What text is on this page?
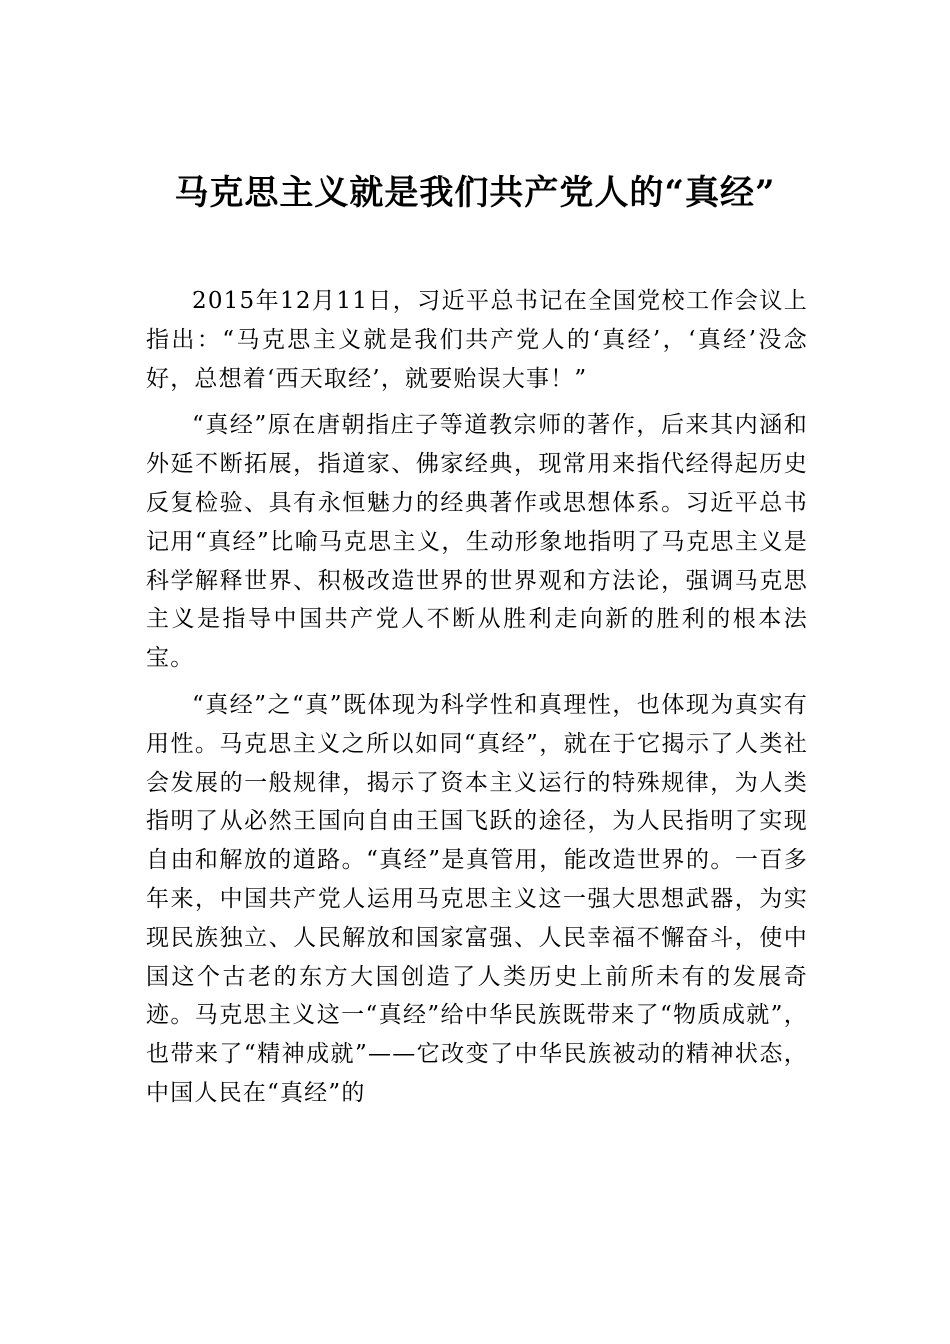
马克思主义就是我们共产党人的“真经”

2015年12月11日，习近平总书记在全国党校工作会议上指出：“马克思主义就是我们共产党人的‘真经’，‘真经’没念好，总想着‘西天取经’，就要贻误大事！”

“真经”原在唐朝指庄子等道教宗师的著作，后来其内涵和外延不断拓展，指道家、佛家经典，现常用来指代经得起历史反复检验、具有永恒魅力的经典著作或思想体系。习近平总书记用“真经”比喻马克思主义，生动形象地指明了马克思主义是科学解释世界、积极改造世界的世界观和方法论，强调马克思主义是指导中国共产党人不断从胜利走向新的胜利的根本法宝。

“真经”之“真”既体现为科学性和真理性，也体现为真实有用性。马克思主义之所以如同“真经”，就在于它揭示了人类社会发展的一般规律，揭示了资本主义运行的特殊规律，为人类指明了从必然王国向自由王国飞跃的途径，为人民指明了实现自由和解放的道路。“真经”是真管用，能改造世界的。一百多年来，中国共产党人运用马克思主义这一强大思想武器，为实现民族独立、人民解放和国家富强、人民幸福不懈奋斗，使中国这个古老的东方大国创造了人类历史上前所未有的发展奇迹。马克思主义这一“真经”给中华民族既带来了“物质成就”，也带来了“精神成就”——它改变了中华民族被动的精神状态，中国人民在“真经”的
